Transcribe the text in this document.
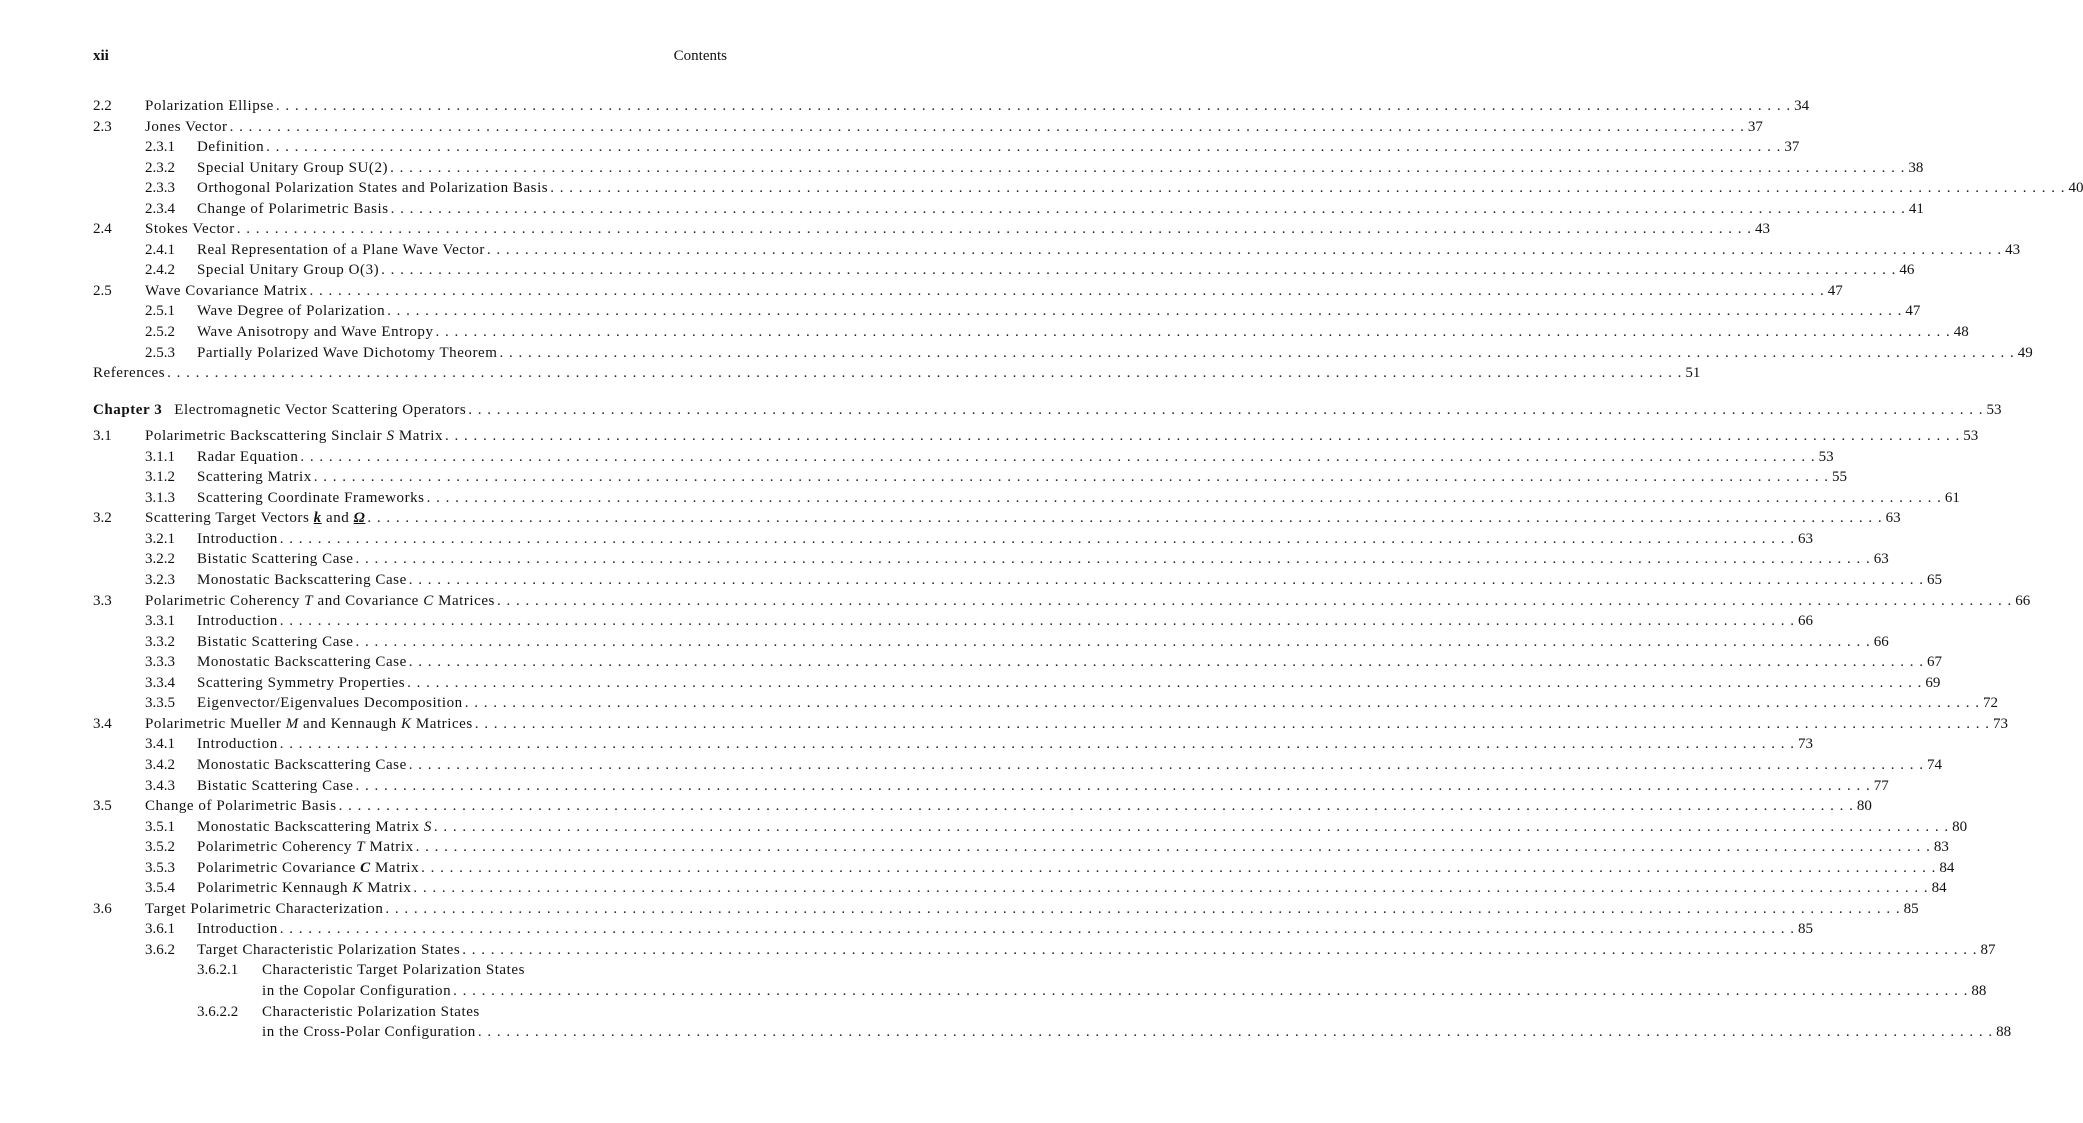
xii	Contents
2.2 Polarization Ellipse . . . . . . . . . . . . . . . . . . . . . . . . . . . . . . . . . . . . . . . . . . . . . . . . . . . . . . . . . . . . . . . . . . . . . . . . . . . . . . . . . . . . . . . . . . . . . . . . . . . . . . . . . . . . . . . . . . . . . . . . . . . . . . . . . . . . . . . . . . . . . . . . . . . . . . . . . . . . . . . . 34
2.3 Jones Vector . . . . . . . . . . . . . . . . . . . . . . . . . . . . . . . . . . . . . . . . . . . . . . . . . . . . . . . . . . . . . . . . . . . . . . . . . . . . . . . . . . . . . . . . . . . . . . . . . . . . . . . . . . . . . . . . . . . . . . . . . . . . . . . . . . . . . . . . . . . . . . . . . . . . . . . . . . . . . . . . 37
2.3.1 Definition . . . . . . . . . . . . . . . . . . . . . . . . . . . . . . . . . . . . . . . . . . . . . . . . . . . . . . . . . . . . . . . . . . . . . . . . . . . . . . . . . . . . . . . . . . . . . . . . . . . . . . . . . . . . . . . . . . . . . . . . . . . . . . . . . . . . . . . . . . . . . . . . . . . . . . . . . . . . . . . . 37
2.3.2 Special Unitary Group SU(2) . . . . . . . . . . . . . . . . . . . . . . . . . . . . . . . . . . . . . . . . . . . . . . . . . . . . . . . . . . . . . . . . . . . . . . . . . . . . . . . . . . . . . . . . . . . . . . . . . . . . . . . . . . . . . . . . . . . . . . . . . . . . . . . . . . . . . . . . . . . . . . . . . . . . . . . . . . . . . . . . 38
2.3.3 Orthogonal Polarization States and Polarization Basis . . . . . . . . . . . . . . . . . . . . . . . . . . . . . . . . . . . . . . . . . . . . . . . . . . . . . . . . . . . . . . . . . . . . . . . . . . . . . . . . . . . . . . . . . . . . . . . . . . . . . . . . . . . . . . . . . . . . . . . . . . . . . . . . . . . . . . . . . . . . . . . . . . . . . . . . . . . . . . . . 40
2.3.4 Change of Polarimetric Basis . . . . . . . . . . . . . . . . . . . . . . . . . . . . . . . . . . . . . . . . . . . . . . . . . . . . . . . . . . . . . . . . . . . . . . . . . . . . . . . . . . . . . . . . . . . . . . . . . . . . . . . . . . . . . . . . . . . . . . . . . . . . . . . . . . . . . . . . . . . . . . . . . . . . . . . . . . . . . . . . 41
2.4 Stokes Vector . . . . . . . . . . . . . . . . . . . . . . . . . . . . . . . . . . . . . . . . . . . . . . . . . . . . . . . . . . . . . . . . . . . . . . . . . . . . . . . . . . . . . . . . . . . . . . . . . . . . . . . . . . . . . . . . . . . . . . . . . . . . . . . . . . . . . . . . . . . . . . . . . . . . . . . . . . . . . . . . 43
2.4.1 Real Representation of a Plane Wave Vector . . . . . . . . . . . . . . . . . . . . . . . . . . . . . . . . . . . . . . . . . . . . . . . . . . . . . . . . . . . . . . . . . . . . . . . . . . . . . . . . . . . . . . . . . . . . . . . . . . . . . . . . . . . . . . . . . . . . . . . . . . . . . . . . . . . . . . . . . . . . . . . . . . . . . . . . . . . . . . . . 43
2.4.2 Special Unitary Group O(3) . . . . . . . . . . . . . . . . . . . . . . . . . . . . . . . . . . . . . . . . . . . . . . . . . . . . . . . . . . . . . . . . . . . . . . . . . . . . . . . . . . . . . . . . . . . . . . . . . . . . . . . . . . . . . . . . . . . . . . . . . . . . . . . . . . . . . . . . . . . . . . . . . . . . . . . . . . . . . . . . 46
2.5 Wave Covariance Matrix . . . . . . . . . . . . . . . . . . . . . . . . . . . . . . . . . . . . . . . . . . . . . . . . . . . . . . . . . . . . . . . . . . . . . . . . . . . . . . . . . . . . . . . . . . . . . . . . . . . . . . . . . . . . . . . . . . . . . . . . . . . . . . . . . . . . . . . . . . . . . . . . . . . . . . . . . . . . . . . . 47
2.5.1 Wave Degree of Polarization . . . . . . . . . . . . . . . . . . . . . . . . . . . . . . . . . . . . . . . . . . . . . . . . . . . . . . . . . . . . . . . . . . . . . . . . . . . . . . . . . . . . . . . . . . . . . . . . . . . . . . . . . . . . . . . . . . . . . . . . . . . . . . . . . . . . . . . . . . . . . . . . . . . . . . . . . . . . . . . . 47
2.5.2 Wave Anisotropy and Wave Entropy . . . . . . . . . . . . . . . . . . . . . . . . . . . . . . . . . . . . . . . . . . . . . . . . . . . . . . . . . . . . . . . . . . . . . . . . . . . . . . . . . . . . . . . . . . . . . . . . . . . . . . . . . . . . . . . . . . . . . . . . . . . . . . . . . . . . . . . . . . . . . . . . . . . . . . . . . . . . . . . . 48
2.5.3 Partially Polarized Wave Dichotomy Theorem . . . . . . . . . . . . . . . . . . . . . . . . . . . . . . . . . . . . . . . . . . . . . . . . . . . . . . . . . . . . . . . . . . . . . . . . . . . . . . . . . . . . . . . . . . . . . . . . . . . . . . . . . . . . . . . . . . . . . . . . . . . . . . . . . . . . . . . . . . . . . . . . . . . . . . . . . . . . . . . . 49
References . . . . . . . . . . . . . . . . . . . . . . . . . . . . . . . . . . . . . . . . . . . . . . . . . . . . . . . . . . . . . . . . . . . . . . . . . . . . . . . . . . . . . . . . . . . . . . . . . . . . . . . . . . . . . . . . . . . . . . . . . . . . . . . . . . . . . . . . . . . . . . . . . . . . . . . . . . . . . . . . 51
Chapter 3 Electromagnetic Vector Scattering Operators . . . . . . . . . . . . . . . . . . . . . . . . . . . . . . . . . . . . . . . . . . . . . . . . . . . . . . . . . . . . . . . . . . . . . . . . . . . . . . . . . . . . . . . . . . . . . . . . . . . . . . . . . . . . . . . . . . . . . . . . . . . . . . . . . . . . . . . . . . . . . . . . . . . . . . . . . . . . . . . . 53
3.1 Polarimetric Backscattering Sinclair S Matrix . . . . . . . . . . . . . . . . . . . . . . . . . . . . . . . . . . . . . . . . . . . . . . . . . . . . . . . . . . . . . . . . . . . . . . . . . . . . . . . . . . . . . . . . . . . . . . . . . . . . . . . . . . . . . . . . . . . . . . . . . . . . . . . . . . . . . . . . . . . . . . . . . . . . . . . . . . . . . . . . 53
3.1.1 Radar Equation . . . . . . . . . . . . . . . . . . . . . . . . . . . . . . . . . . . . . . . . . . . . . . . . . . . . . . . . . . . . . . . . . . . . . . . . . . . . . . . . . . . . . . . . . . . . . . . . . . . . . . . . . . . . . . . . . . . . . . . . . . . . . . . . . . . . . . . . . . . . . . . . . . . . . . . . . . . . . . . . 53
3.1.2 Scattering Matrix . . . . . . . . . . . . . . . . . . . . . . . . . . . . . . . . . . . . . . . . . . . . . . . . . . . . . . . . . . . . . . . . . . . . . . . . . . . . . . . . . . . . . . . . . . . . . . . . . . . . . . . . . . . . . . . . . . . . . . . . . . . . . . . . . . . . . . . . . . . . . . . . . . . . . . . . . . . . . . . . 55
3.1.3 Scattering Coordinate Frameworks . . . . . . . . . . . . . . . . . . . . . . . . . . . . . . . . . . . . . . . . . . . . . . . . . . . . . . . . . . . . . . . . . . . . . . . . . . . . . . . . . . . . . . . . . . . . . . . . . . . . . . . . . . . . . . . . . . . . . . . . . . . . . . . . . . . . . . . . . . . . . . . . . . . . . . . . . . . . . . . . 61
3.2 Scattering Target Vectors k and Ω . . . . . . . . . . . . . . . . . . . . . . . . . . . . . . . . . . . . . . . . . . . . . . . . . . . . . . . . . . . . . . . . . . . . . . . . . . . . . . . . . . . . . . . . . . . . . . . . . . . . . . . . . . . . . . . . . . . . . . . . . . . . . . . . . . . . . . . . . . . . . . . . . . . . . . . . . . . . . . . . 63
3.2.1 Introduction . . . . . . . . . . . . . . . . . . . . . . . . . . . . . . . . . . . . . . . . . . . . . . . . . . . . . . . . . . . . . . . . . . . . . . . . . . . . . . . . . . . . . . . . . . . . . . . . . . . . . . . . . . . . . . . . . . . . . . . . . . . . . . . . . . . . . . . . . . . . . . . . . . . . . . . . . . . . . . . . 63
3.2.2 Bistatic Scattering Case . . . . . . . . . . . . . . . . . . . . . . . . . . . . . . . . . . . . . . . . . . . . . . . . . . . . . . . . . . . . . . . . . . . . . . . . . . . . . . . . . . . . . . . . . . . . . . . . . . . . . . . . . . . . . . . . . . . . . . . . . . . . . . . . . . . . . . . . . . . . . . . . . . . . . . . . . . . . . . . . 63
3.2.3 Monostatic Backscattering Case . . . . . . . . . . . . . . . . . . . . . . . . . . . . . . . . . . . . . . . . . . . . . . . . . . . . . . . . . . . . . . . . . . . . . . . . . . . . . . . . . . . . . . . . . . . . . . . . . . . . . . . . . . . . . . . . . . . . . . . . . . . . . . . . . . . . . . . . . . . . . . . . . . . . . . . . . . . . . . . . 65
3.3 Polarimetric Coherency T and Covariance C Matrices . . . . . . . . . . . . . . . . . . . . . . . . . . . . . . . . . . . . . . . . . . . . . . . . . . . . . . . . . . . . . . . . . . . . . . . . . . . . . . . . . . . . . . . . . . . . . . . . . . . . . . . . . . . . . . . . . . . . . . . . . . . . . . . . . . . . . . . . . . . . . . . . . . . . . . . . . . . . . . . . 66
3.3.1 Introduction . . . . . . . . . . . . . . . . . . . . . . . . . . . . . . . . . . . . . . . . . . . . . . . . . . . . . . . . . . . . . . . . . . . . . . . . . . . . . . . . . . . . . . . . . . . . . . . . . . . . . . . . . . . . . . . . . . . . . . . . . . . . . . . . . . . . . . . . . . . . . . . . . . . . . . . . . . . . . . . . 66
3.3.2 Bistatic Scattering Case . . . . . . . . . . . . . . . . . . . . . . . . . . . . . . . . . . . . . . . . . . . . . . . . . . . . . . . . . . . . . . . . . . . . . . . . . . . . . . . . . . . . . . . . . . . . . . . . . . . . . . . . . . . . . . . . . . . . . . . . . . . . . . . . . . . . . . . . . . . . . . . . . . . . . . . . . . . . . . . . 66
3.3.3 Monostatic Backscattering Case . . . . . . . . . . . . . . . . . . . . . . . . . . . . . . . . . . . . . . . . . . . . . . . . . . . . . . . . . . . . . . . . . . . . . . . . . . . . . . . . . . . . . . . . . . . . . . . . . . . . . . . . . . . . . . . . . . . . . . . . . . . . . . . . . . . . . . . . . . . . . . . . . . . . . . . . . . . . . . . . 67
3.3.4 Scattering Symmetry Properties . . . . . . . . . . . . . . . . . . . . . . . . . . . . . . . . . . . . . . . . . . . . . . . . . . . . . . . . . . . . . . . . . . . . . . . . . . . . . . . . . . . . . . . . . . . . . . . . . . . . . . . . . . . . . . . . . . . . . . . . . . . . . . . . . . . . . . . . . . . . . . . . . . . . . . . . . . . . . . . . 69
3.3.5 Eigenvector/Eigenvalues Decomposition . . . . . . . . . . . . . . . . . . . . . . . . . . . . . . . . . . . . . . . . . . . . . . . . . . . . . . . . . . . . . . . . . . . . . . . . . . . . . . . . . . . . . . . . . . . . . . . . . . . . . . . . . . . . . . . . . . . . . . . . . . . . . . . . . . . . . . . . . . . . . . . . . . . . . . . . . . . . . . . . 72
3.4 Polarimetric Mueller M and Kennaugh K Matrices . . . . . . . . . . . . . . . . . . . . . . . . . . . . . . . . . . . . . . . . . . . . . . . . . . . . . . . . . . . . . . . . . . . . . . . . . . . . . . . . . . . . . . . . . . . . . . . . . . . . . . . . . . . . . . . . . . . . . . . . . . . . . . . . . . . . . . . . . . . . . . . . . . . . . . . . . . . . . . . . 73
3.4.1 Introduction . . . . . . . . . . . . . . . . . . . . . . . . . . . . . . . . . . . . . . . . . . . . . . . . . . . . . . . . . . . . . . . . . . . . . . . . . . . . . . . . . . . . . . . . . . . . . . . . . . . . . . . . . . . . . . . . . . . . . . . . . . . . . . . . . . . . . . . . . . . . . . . . . . . . . . . . . . . . . . . . 73
3.4.2 Monostatic Backscattering Case . . . . . . . . . . . . . . . . . . . . . . . . . . . . . . . . . . . . . . . . . . . . . . . . . . . . . . . . . . . . . . . . . . . . . . . . . . . . . . . . . . . . . . . . . . . . . . . . . . . . . . . . . . . . . . . . . . . . . . . . . . . . . . . . . . . . . . . . . . . . . . . . . . . . . . . . . . . . . . . . 74
3.4.3 Bistatic Scattering Case . . . . . . . . . . . . . . . . . . . . . . . . . . . . . . . . . . . . . . . . . . . . . . . . . . . . . . . . . . . . . . . . . . . . . . . . . . . . . . . . . . . . . . . . . . . . . . . . . . . . . . . . . . . . . . . . . . . . . . . . . . . . . . . . . . . . . . . . . . . . . . . . . . . . . . . . . . . . . . . . 77
3.5 Change of Polarimetric Basis . . . . . . . . . . . . . . . . . . . . . . . . . . . . . . . . . . . . . . . . . . . . . . . . . . . . . . . . . . . . . . . . . . . . . . . . . . . . . . . . . . . . . . . . . . . . . . . . . . . . . . . . . . . . . . . . . . . . . . . . . . . . . . . . . . . . . . . . . . . . . . . . . . . . . . . . . . . . . . . . 80
3.5.1 Monostatic Backscattering Matrix S . . . . . . . . . . . . . . . . . . . . . . . . . . . . . . . . . . . . . . . . . . . . . . . . . . . . . . . . . . . . . . . . . . . . . . . . . . . . . . . . . . . . . . . . . . . . . . . . . . . . . . . . . . . . . . . . . . . . . . . . . . . . . . . . . . . . . . . . . . . . . . . . . . . . . . . . . . . . . . . . 80
3.5.2 Polarimetric Coherency T Matrix . . . . . . . . . . . . . . . . . . . . . . . . . . . . . . . . . . . . . . . . . . . . . . . . . . . . . . . . . . . . . . . . . . . . . . . . . . . . . . . . . . . . . . . . . . . . . . . . . . . . . . . . . . . . . . . . . . . . . . . . . . . . . . . . . . . . . . . . . . . . . . . . . . . . . . . . . . . . . . . . 83
3.5.3 Polarimetric Covariance C Matrix . . . . . . . . . . . . . . . . . . . . . . . . . . . . . . . . . . . . . . . . . . . . . . . . . . . . . . . . . . . . . . . . . . . . . . . . . . . . . . . . . . . . . . . . . . . . . . . . . . . . . . . . . . . . . . . . . . . . . . . . . . . . . . . . . . . . . . . . . . . . . . . . . . . . . . . . . . . . . . . . 84
3.5.4 Polarimetric Kennaugh K Matrix . . . . . . . . . . . . . . . . . . . . . . . . . . . . . . . . . . . . . . . . . . . . . . . . . . . . . . . . . . . . . . . . . . . . . . . . . . . . . . . . . . . . . . . . . . . . . . . . . . . . . . . . . . . . . . . . . . . . . . . . . . . . . . . . . . . . . . . . . . . . . . . . . . . . . . . . . . . . . . . . 84
3.6 Target Polarimetric Characterization . . . . . . . . . . . . . . . . . . . . . . . . . . . . . . . . . . . . . . . . . . . . . . . . . . . . . . . . . . . . . . . . . . . . . . . . . . . . . . . . . . . . . . . . . . . . . . . . . . . . . . . . . . . . . . . . . . . . . . . . . . . . . . . . . . . . . . . . . . . . . . . . . . . . . . . . . . . . . . . . 85
3.6.1 Introduction . . . . . . . . . . . . . . . . . . . . . . . . . . . . . . . . . . . . . . . . . . . . . . . . . . . . . . . . . . . . . . . . . . . . . . . . . . . . . . . . . . . . . . . . . . . . . . . . . . . . . . . . . . . . . . . . . . . . . . . . . . . . . . . . . . . . . . . . . . . . . . . . . . . . . . . . . . . . . . . . 85
3.6.2 Target Characteristic Polarization States . . . . . . . . . . . . . . . . . . . . . . . . . . . . . . . . . . . . . . . . . . . . . . . . . . . . . . . . . . . . . . . . . . . . . . . . . . . . . . . . . . . . . . . . . . . . . . . . . . . . . . . . . . . . . . . . . . . . . . . . . . . . . . . . . . . . . . . . . . . . . . . . . . . . . . . . . . . . . . . . 87
3.6.2.1 Characteristic Target Polarization States
in the Copolar Configuration . . . . . . . . . . . . . . . . . . . . . . . . . . . . . . . . . . . . . . . . . . . . . . . . . . . . . . . . . . . . . . . . . . . . . . . . . . . . . . . . . . . . . . . . . . . . . . . . . . . . . . . . . . . . . . . . . . . . . . . . . . . . . . . . . . . . . . . . . . . . . . . . . . . . . . . . . . . . . . . . 88
3.6.2.2 Characteristic Polarization States
in the Cross-Polar Configuration . . . . . . . . . . . . . . . . . . . . . . . . . . . . . . . . . . . . . . . . . . . . . . . . . . . . . . . . . . . . . . . . . . . . . . . . . . . . . . . . . . . . . . . . . . . . . . . . . . . . . . . . . . . . . . . . . . . . . . . . . . . . . . . . . . . . . . . . . . . . . . . . . . . . . . . . . . . . . . . . 88
